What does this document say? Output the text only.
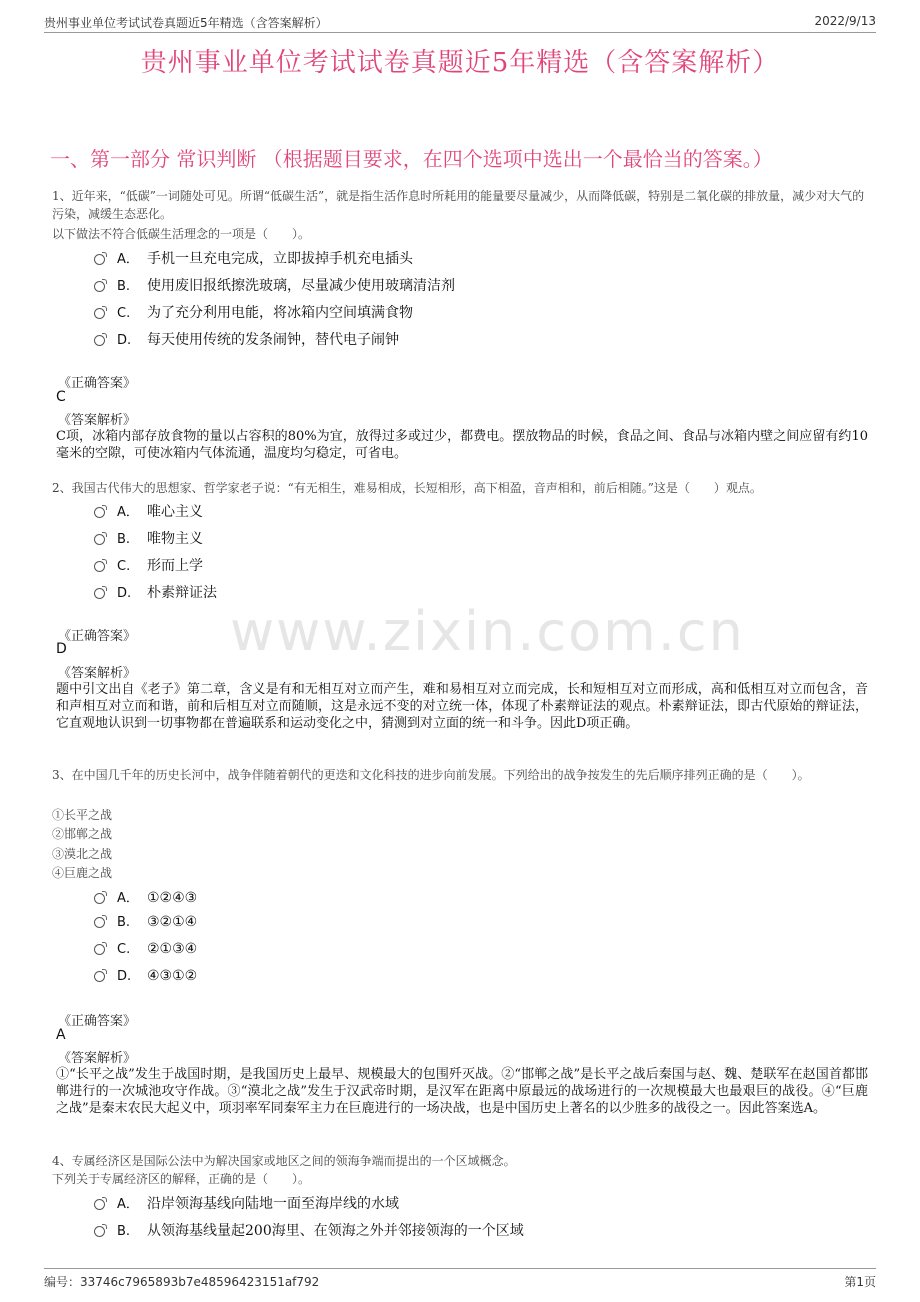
贵州事业单位考试试卷真题近5年精选（含答案解析）	2022/9/13
贵州事业单位考试试卷真题近5年精选（含答案解析）
一、第一部分 常识判断 （根据题目要求，在四个选项中选出一个最恰当的答案。）
www.zixin.com.cn
1、近年来，“低碳”一词随处可见。所谓“低碳生活”，就是指生活作息时所耗用的能量要尽量减少，从而降低碳，特别是二氧化碳的排放量，减少对大气的污染，减缓生态恶化。
以下做法不符合低碳生活理念的一项是（　　）。
A． 手机一旦充电完成，立即拔掉手机充电插头
B. 使用废旧报纸擦洗玻璃，尽量减少使用玻璃清洁剂
C. 为了充分利用电能，将冰箱内空间填满食物
D. 每天使用传统的发条闹钟，替代电子闹钟
《正确答案》
C
《答案解析》
C项，冰箱内部存放食物的量以占容积的80%为宜，放得过多或过少，都费电。摆放物品的时候，食品之间、食品与冰箱内壁之间应留有约10毫米的空隙，可使冰箱内气体流通，温度均匀稳定，可省电。
2、我国古代伟大的思想家、哲学家老子说：“有无相生，难易相成，长短相形，高下相盈，音声相和，前后相随。”这是（　　）观点。
A． 唯心主义
B. 唯物主义
C. 形而上学
D. 朴素辩证法
《正确答案》
D
《答案解析》
题中引文出自《老子》第二章，含义是有和无相互对立而产生，难和易相互对立而完成，长和短相互对立而形成，高和低相互对立而包含，音和声相互对立而和谐，前和后相互对立而随顺，这是永远不变的对立统一体，体现了朴素辩证法的观点。朴素辩证法，即古代原始的辩证法，它直观地认识到一切事物都在普遍联系和运动变化之中，猜测到对立面的统一和斗争。因此D项正确。
3、在中国几千年的历史长河中，战争伴随着朝代的更迭和文化科技的进步向前发展。下列给出的战争按发生的先后顺序排列正确的是（　　）。
①长平之战
②邯郸之战
③漠北之战
④巨鹿之战
A． ①②④③
B. ③②①④
C. ②①③④
D. ④③①②
《正确答案》
A
《答案解析》
①“长平之战”发生于战国时期，是我国历史上最早、规模最大的包围歼灭战。②“邯郸之战”是长平之战后秦国与赵、魏、楚联军在赵国首都邯郸进行的一次城池攻守作战。③“漠北之战”发生于汉武帝时期，是汉军在距离中原最远的战场进行的一次规模最大也最艰巨的战役。④“巨鹿之战”是秦末农民大起义中，项羽率军同秦军主力在巨鹿进行的一场决战，也是中国历史上著名的以少胜多的战役之一。因此答案选A。
4、专属经济区是国际公法中为解决国家或地区之间的领海争端而提出的一个区域概念。
下列关于专属经济区的解释，正确的是（　　）。
A． 沿岸领海基线向陆地一面至海岸线的水域
B. 从领海基线量起200海里、在领海之外并邻接领海的一个区域
编号：33746c7965893b7e48596423151af792	第1页
